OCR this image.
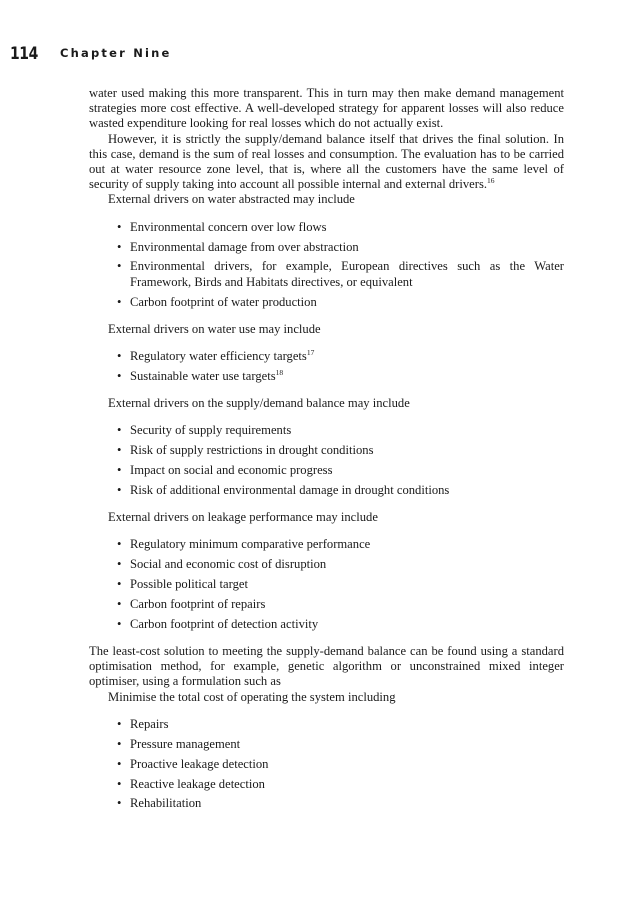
114 Chapter Nine

water used making this more transparent. This in turn may then make demand management strategies more cost effective. A well-developed strategy for apparent losses will also reduce wasted expenditure looking for real losses which do not actually exist.

However, it is strictly the supply/demand balance itself that drives the final solution. In this case, demand is the sum of real losses and consumption. The evaluation has to be carried out at water resource zone level, that is, where all the customers have the same level of security of supply taking into account all possible internal and external drivers.$^{16}$

External drivers on water abstracted may include

• Environmental concern over low flows
• Environmental damage from over abstraction
• Environmental drivers, for example, European directives such as the Water Framework, Birds and Habitats directives, or equivalent
• Carbon footprint of water production

External drivers on water use may include

• Regulatory water efficiency targets$^{17}$
• Sustainable water use targets$^{18}$

External drivers on the supply/demand balance may include

• Security of supply requirements
• Risk of supply restrictions in drought conditions
• Impact on social and economic progress
• Risk of additional environmental damage in drought conditions

External drivers on leakage performance may include

• Regulatory minimum comparative performance
• Social and economic cost of disruption
• Possible political target
• Carbon footprint of repairs
• Carbon footprint of detection activity

The least-cost solution to meeting the supply-demand balance can be found using a standard optimisation method, for example, genetic algorithm or unconstrained mixed integer optimiser, using a formulation such as

Minimise the total cost of operating the system including

• Repairs
• Pressure management
• Proactive leakage detection
• Reactive leakage detection
• Rehabilitation
